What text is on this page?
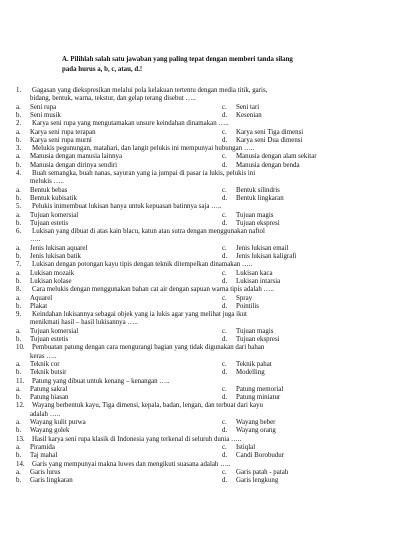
A. Pilihlah salah satu jawaban yang paling tepat dengan memberi tanda silang
pada hurus a, b, c, atau, d.!
1. Gagasan yang diekspresikan melalui pola kelakuan tertentu dengan media titik, garis,
bidang, bentuk, warna, tekstur, dan gelap terang disebut …..
a. Seni rupa	c. Seni tari
b. Seni musik	d. Kesenian
2. Karya seni rupa yang mengutamakan unsure keindahan dinamakan …..
a. Karya seni rupa terapan	c. Karya seni Tiga dimensi
b. Karya seni rupa murni	d. Karya seni Dua dimensi
3. Melukis pegunungan, matahari, dan langit pelukis ini mempunyai hubungan …..
a. Manusia dengan manusia lainnya	c. Manusia dengan alam sekitar
b. Manusia dengan dirinya sendiri	d. Manusia dengan benda
4. Buah semangka, buah nanas, sayuran yang ia jumpai di pasar ia lukis, pelukis ini
melukis …..
a. Bentuk bebas	c. Bentuk silindris
b. Bentuk kubisatik	d. Bentuk lingkaran
5. Pelukis inimembuat lukisan hanya untuk kepuasan batinnya saja …..
a. Tujuan komersial	c. Tujuan magis
b. Tujuan estetis	d. Tujuan ekspresi
6. Lukisan yang dibuat di atas kain blacu, katun atau sutra dengan menggunakan naftol
…..
a. Jenis lukisan aquarel	c. Jenis lukisan email
b. Jenis lukisan batik	d. Jenis lukisan kaligrafi
7. Lukisan dengan potongan kayu tipis dengan teknik ditempelkan dinamakan …..
a. Lukisan mozaik	c. Lukisan kaca
b. Lukisan kolase	d. Lukisan intarsia
8. Cara melukis dengan menggunakan bahan cat air dengan sapuan warna tipis adalah …..
a. Aquarel	c. Spray
b. Plakat	d. Pointilis
9. Keindahan lukisannya sebagai objek yang ia lukis agar yang melihat juga ikut
menikmati hasil – hasil lukisannya …..
a. Tujuan komersial	c. Tujuan magis
b. Tujuan estetis	d. Tujuan ekspresi
10. Pembuatan patung dengan cara mengurangi bagian yang tidak digunakan dari bahan
keras …..
a. Teknik cor	c. Teknik pahat
b. Teknik butsir	d. Modelling
11. Patung yang dibuat untuk kenang – kenangan …..
a. Patung sakral	c. Patung memorial
b. Patung hiasan	d. Patung miniatur
12. Wayang berbentuk kayu, Tiga dimensi, kepala, badan, lengan, dan terbuat dari kayu
adalah …..
a. Wayang kulit purwa	c. Wayang beber
b. Wayang golek	d. Wayang orang
13. Hasil karya seni rupa klasik di Indonesia yang terkenal di seluruh dunia …..
a. Piramida	c. Istiqlal
b. Taj mahal	d. Candi Borobudur
14. Garis yang mempunyai makna luwes dan mengikuti suasana adalah …..
a. Garis lurus	c. Garis patah - patah
b. Garis lingkaran	d. Garis lengkung
